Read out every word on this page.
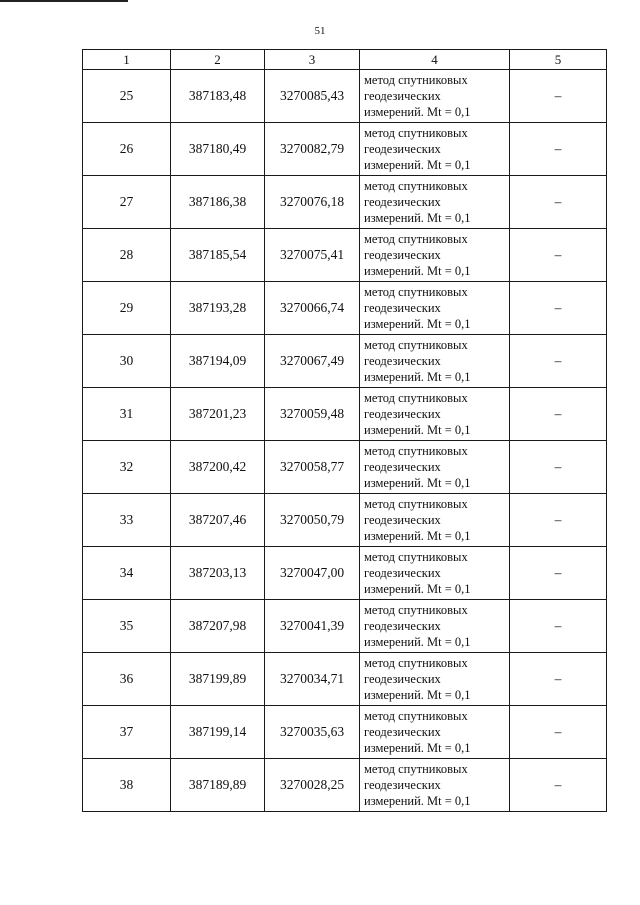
51
1	2	3	4	5
25	387183,48	3270085,43	метод спутниковых
геодезических
измерений. Mt = 0,1	–
26	387180,49	3270082,79	метод спутниковых
геодезических
измерений. Mt = 0,1	–
27	387186,38	3270076,18	метод спутниковых
геодезических
измерений. Mt = 0,1	–
28	387185,54	3270075,41	метод спутниковых
геодезических
измерений. Mt = 0,1	–
29	387193,28	3270066,74	метод спутниковых
геодезических
измерений. Mt = 0,1	–
30	387194,09	3270067,49	метод спутниковых
геодезических
измерений. Mt = 0,1	–
31	387201,23	3270059,48	метод спутниковых
геодезических
измерений. Mt = 0,1	–
32	387200,42	3270058,77	метод спутниковых
геодезических
измерений. Mt = 0,1	–
33	387207,46	3270050,79	метод спутниковых
геодезических
измерений. Mt = 0,1	–
34	387203,13	3270047,00	метод спутниковых
геодезических
измерений. Mt = 0,1	–
35	387207,98	3270041,39	метод спутниковых
геодезических
измерений. Mt = 0,1	–
36	387199,89	3270034,71	метод спутниковых
геодезических
измерений. Mt = 0,1	–
37	387199,14	3270035,63	метод спутниковых
геодезических
измерений. Mt = 0,1	–
38	387189,89	3270028,25	метод спутниковых
геодезических
измерений. Mt = 0,1	–
